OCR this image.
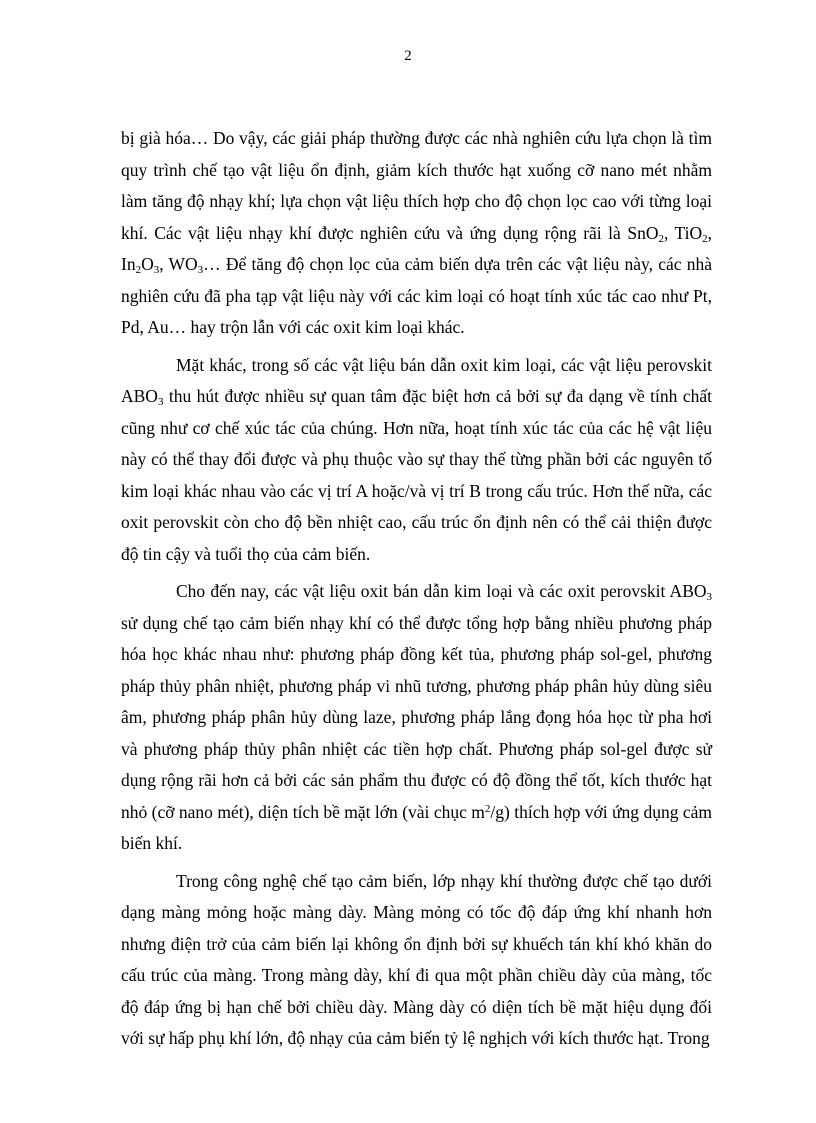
2

bị già hóa… Do vậy, các giải pháp thường được các nhà nghiên cứu lựa chọn là tìm quy trình chế tạo vật liệu ổn định, giảm kích thước hạt xuống cỡ nano mét nhằm làm tăng độ nhạy khí; lựa chọn vật liệu thích hợp cho độ chọn lọc cao với từng loại khí. Các vật liệu nhạy khí được nghiên cứu và ứng dụng rộng rãi là SnO$_2$, TiO$_2$, $In_2O_3$, $WO_3\dots$ Để tăng độ chọn lọc của cảm biến dựa trên các vật liệu này, các nhà nghiên cứu đã pha tạp vật liệu này với các kim loại có hoạt tính xúc tác cao như Pt, Pd, Au… hay trộn lẫn với các oxit kim loại khác.

Mặt khác, trong số các vật liệu bán dẫn oxit kim loại, các vật liệu perovskit $ABO_3$ thu hút được nhiều sự quan tâm đặc biệt hơn cả bởi sự đa dạng về tính chất cũng như cơ chế xúc tác của chúng. Hơn nữa, hoạt tính xúc tác của các hệ vật liệu này có thể thay đổi được và phụ thuộc vào sự thay thế từng phần bởi các nguyên tố kim loại khác nhau vào các vị trí A hoặc/và vị trí B trong cấu trúc. Hơn thế nữa, các oxit perovskit còn cho độ bền nhiệt cao, cấu trúc ổn định nên có thể cải thiện được độ tin cậy và tuổi thọ của cảm biến.

Cho đến nay, các vật liệu oxit bán dẫn kim loại và các oxit perovskit $ABO_3$ sử dụng chế tạo cảm biến nhạy khí có thể được tổng hợp bằng nhiều phương pháp hóa học khác nhau như: phương pháp đồng kết tủa, phương pháp sol-gel, phương pháp thủy phân nhiệt, phương pháp vi nhũ tương, phương pháp phân hủy dùng siêu âm, phương pháp phân hủy dùng laze, phương pháp lắng đọng hóa học từ pha hơi và phương pháp thủy phân nhiệt các tiền hợp chất. Phương pháp sol-gel được sử dụng rộng rãi hơn cả bởi các sản phẩm thu được có độ đồng thể tốt, kích thước hạt nhỏ (cỡ nano mét), diện tích bề mặt lớn (vài chục $m^2/g$) thích hợp với ứng dụng cảm biến khí.

Trong công nghệ chế tạo cảm biến, lớp nhạy khí thường được chế tạo dưới dạng màng mỏng hoặc màng dày. Màng mỏng có tốc độ đáp ứng khí nhanh hơn nhưng điện trở của cảm biến lại không ổn định bởi sự khuếch tán khí khó khăn do cấu trúc của màng. Trong màng dày, khí đi qua một phần chiều dày của màng, tốc độ đáp ứng bị hạn chế bởi chiều dày. Màng dày có diện tích bề mặt hiệu dụng đối với sự hấp phụ khí lớn, độ nhạy của cảm biến tỷ lệ nghịch với kích thước hạt. Trong
